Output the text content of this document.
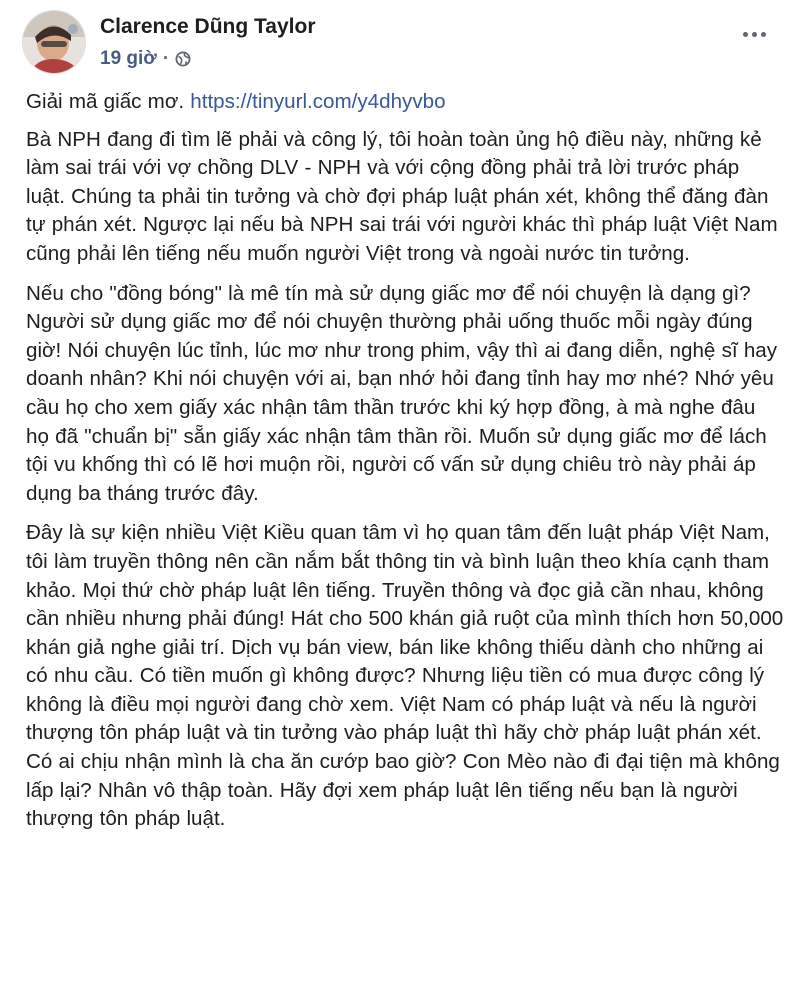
Clarence Dũng Taylor
19 giờ ·

Giải mã giấc mơ. https://tinyurl.com/y4dhyvbo

Bà NPH đang đi tìm lẽ phải và công lý, tôi hoàn toàn ủng hộ điều này, những kẻ làm sai trái với vợ chồng DLV - NPH và với cộng đồng phải trả lời trước pháp luật. Chúng ta phải tin tưởng và chờ đợi pháp luật phán xét, không thể đăng đàn tự phán xét. Ngược lại nếu bà NPH sai trái với người khác thì pháp luật Việt Nam cũng phải lên tiếng nếu muốn người Việt trong và ngoài nước tin tưởng.

Nếu cho "đồng bóng" là mê tín mà sử dụng giấc mơ để nói chuyện là dạng gì? Người sử dụng giấc mơ để nói chuyện thường phải uống thuốc mỗi ngày đúng giờ! Nói chuyện lúc tỉnh, lúc mơ như trong phim, vậy thì ai đang diễn, nghệ sĩ hay doanh nhân? Khi nói chuyện với ai, bạn nhớ hỏi đang tỉnh hay mơ nhé? Nhớ yêu cầu họ cho xem giấy xác nhận tâm thần trước khi ký hợp đồng, à mà nghe đâu họ đã "chuẩn bị" sẵn giấy xác nhận tâm thần rồi. Muốn sử dụng giấc mơ để lách tội vu khống thì có lẽ hơi muộn rồi, người cố vấn sử dụng chiêu trò này phải áp dụng ba tháng trước đây.

Đây là sự kiện nhiều Việt Kiều quan tâm vì họ quan tâm đến luật pháp Việt Nam, tôi làm truyền thông nên cần nắm bắt thông tin và bình luận theo khía cạnh tham khảo. Mọi thứ chờ pháp luật lên tiếng. Truyền thông và đọc giả cần nhau, không cần nhiều nhưng phải đúng! Hát cho 500 khán giả ruột của mình thích hơn 50,000 khán giả nghe giải trí. Dịch vụ bán view, bán like không thiếu dành cho những ai có nhu cầu. Có tiền muốn gì không được? Nhưng liệu tiền có mua được công lý không là điều mọi người đang chờ xem. Việt Nam có pháp luật và nếu là người thượng tôn pháp luật và tin tưởng vào pháp luật thì hãy chờ pháp luật phán xét. Có ai chịu nhận mình là cha ăn cướp bao giờ? Con Mèo nào đi đại tiện mà không lấp lại? Nhân vô thập toàn. Hãy đợi xem pháp luật lên tiếng nếu bạn là người thượng tôn pháp luật.
